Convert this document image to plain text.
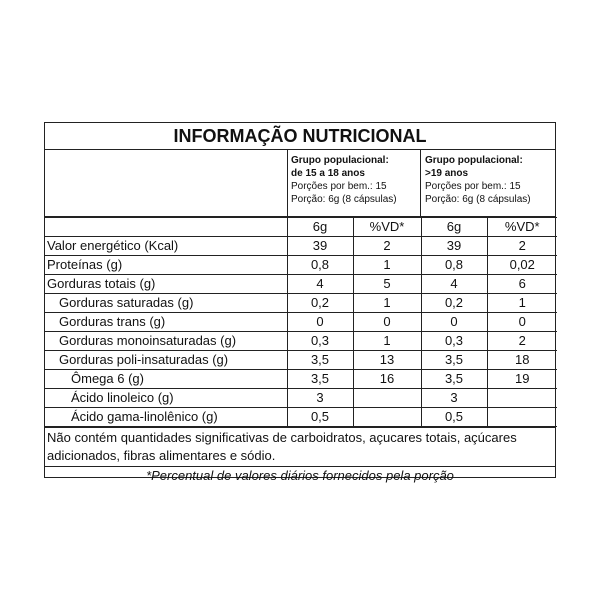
INFORMAÇÃO NUTRICIONAL
Grupo populacional:
de 15 a 18 anos
Porções por bem.: 15
Porção: 6g (8 cápsulas)
Grupo populacional:
>19 anos
Porções por bem.: 15
Porção: 6g (8 cápsulas)
	6g	%VD*	6g	%VD*
Valor energético (Kcal)	39	2	39	2
Proteínas (g)	0,8	1	0,8	0,02
Gorduras totais (g)	4	5	4	6
Gorduras saturadas (g)	0,2	1	0,2	1
Gorduras trans (g)	0	0	0	0
Gorduras monoinsaturadas (g)	0,3	1	0,3	2
Gorduras poli-insaturadas (g)	3,5	13	3,5	18
Ômega 6 (g)	3,5	16	3,5	19
Ácido linoleico (g)	3		3	
Ácido gama-linolênico (g)	0,5		0,5	
Não contém quantidades significativas de carboidratos, açucares totais, açúcares adicionados, fibras alimentares e sódio.
*Percentual de valores diários fornecidos pela porção
